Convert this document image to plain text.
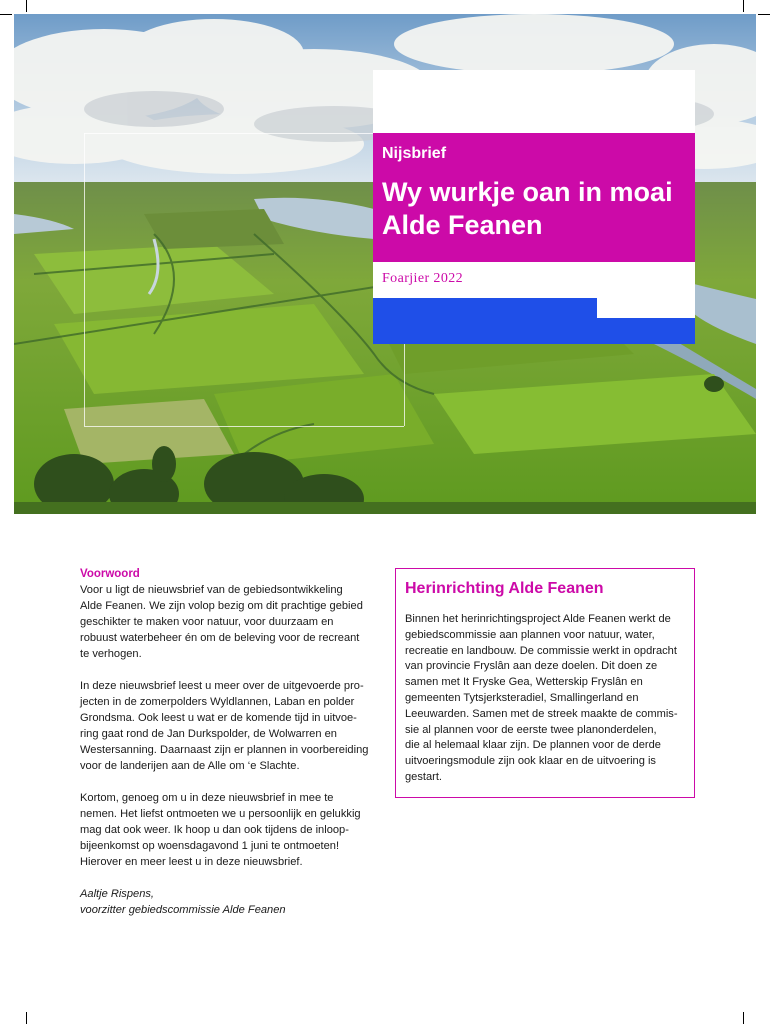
Nijsbrief
Wy wurkje oan in moai Alde Feanen
Foarjier 2022
Voorwoord
Voor u ligt de nieuwsbrief van de gebiedsontwikkeling
Alde Feanen. We zijn volop bezig om dit prachtige gebied
geschikter te maken voor natuur, voor duurzaam en
robuust waterbeheer én om de beleving voor de recreant
te verhogen.
In deze nieuwsbrief leest u meer over de uitgevoerde pro-
jecten in de zomerpolders Wyldlannen, Laban en polder
Grondsma. Ook leest u wat er de komende tijd in uitvoe-
ring gaat rond de Jan Durkspolder, de Wolwarren en
Westersanning. Daarnaast zijn er plannen in voorbereiding
voor de landerijen aan de Alle om ‘e Slachte.
Kortom, genoeg om u in deze nieuwsbrief in mee te
nemen. Het liefst ontmoeten we u persoonlijk en gelukkig
mag dat ook weer. Ik hoop u dan ook tijdens de inloop-
bijeenkomst op woensdagavond 1 juni te ontmoeten!
Hierover en meer leest u in deze nieuwsbrief.
Aaltje Rispens,
voorzitter gebiedscommissie Alde Feanen
Herinrichting Alde Feanen
Binnen het herinrichtingsproject Alde Feanen werkt de
gebiedscommissie aan plannen voor natuur, water,
recreatie en landbouw. De commissie werkt in opdracht
van provincie Fryslân aan deze doelen. Dit doen ze
samen met It Fryske Gea, Wetterskip Fryslân en
gemeenten Tytsjerksteradiel, Smallingerland en
Leeuwarden. Samen met de streek maakte de commis-
sie al plannen voor de eerste twee planonderdelen,
die al helemaal klaar zijn. De plannen voor de derde
uitvoeringsmodule zijn ook klaar en de uitvoering is
gestart.
